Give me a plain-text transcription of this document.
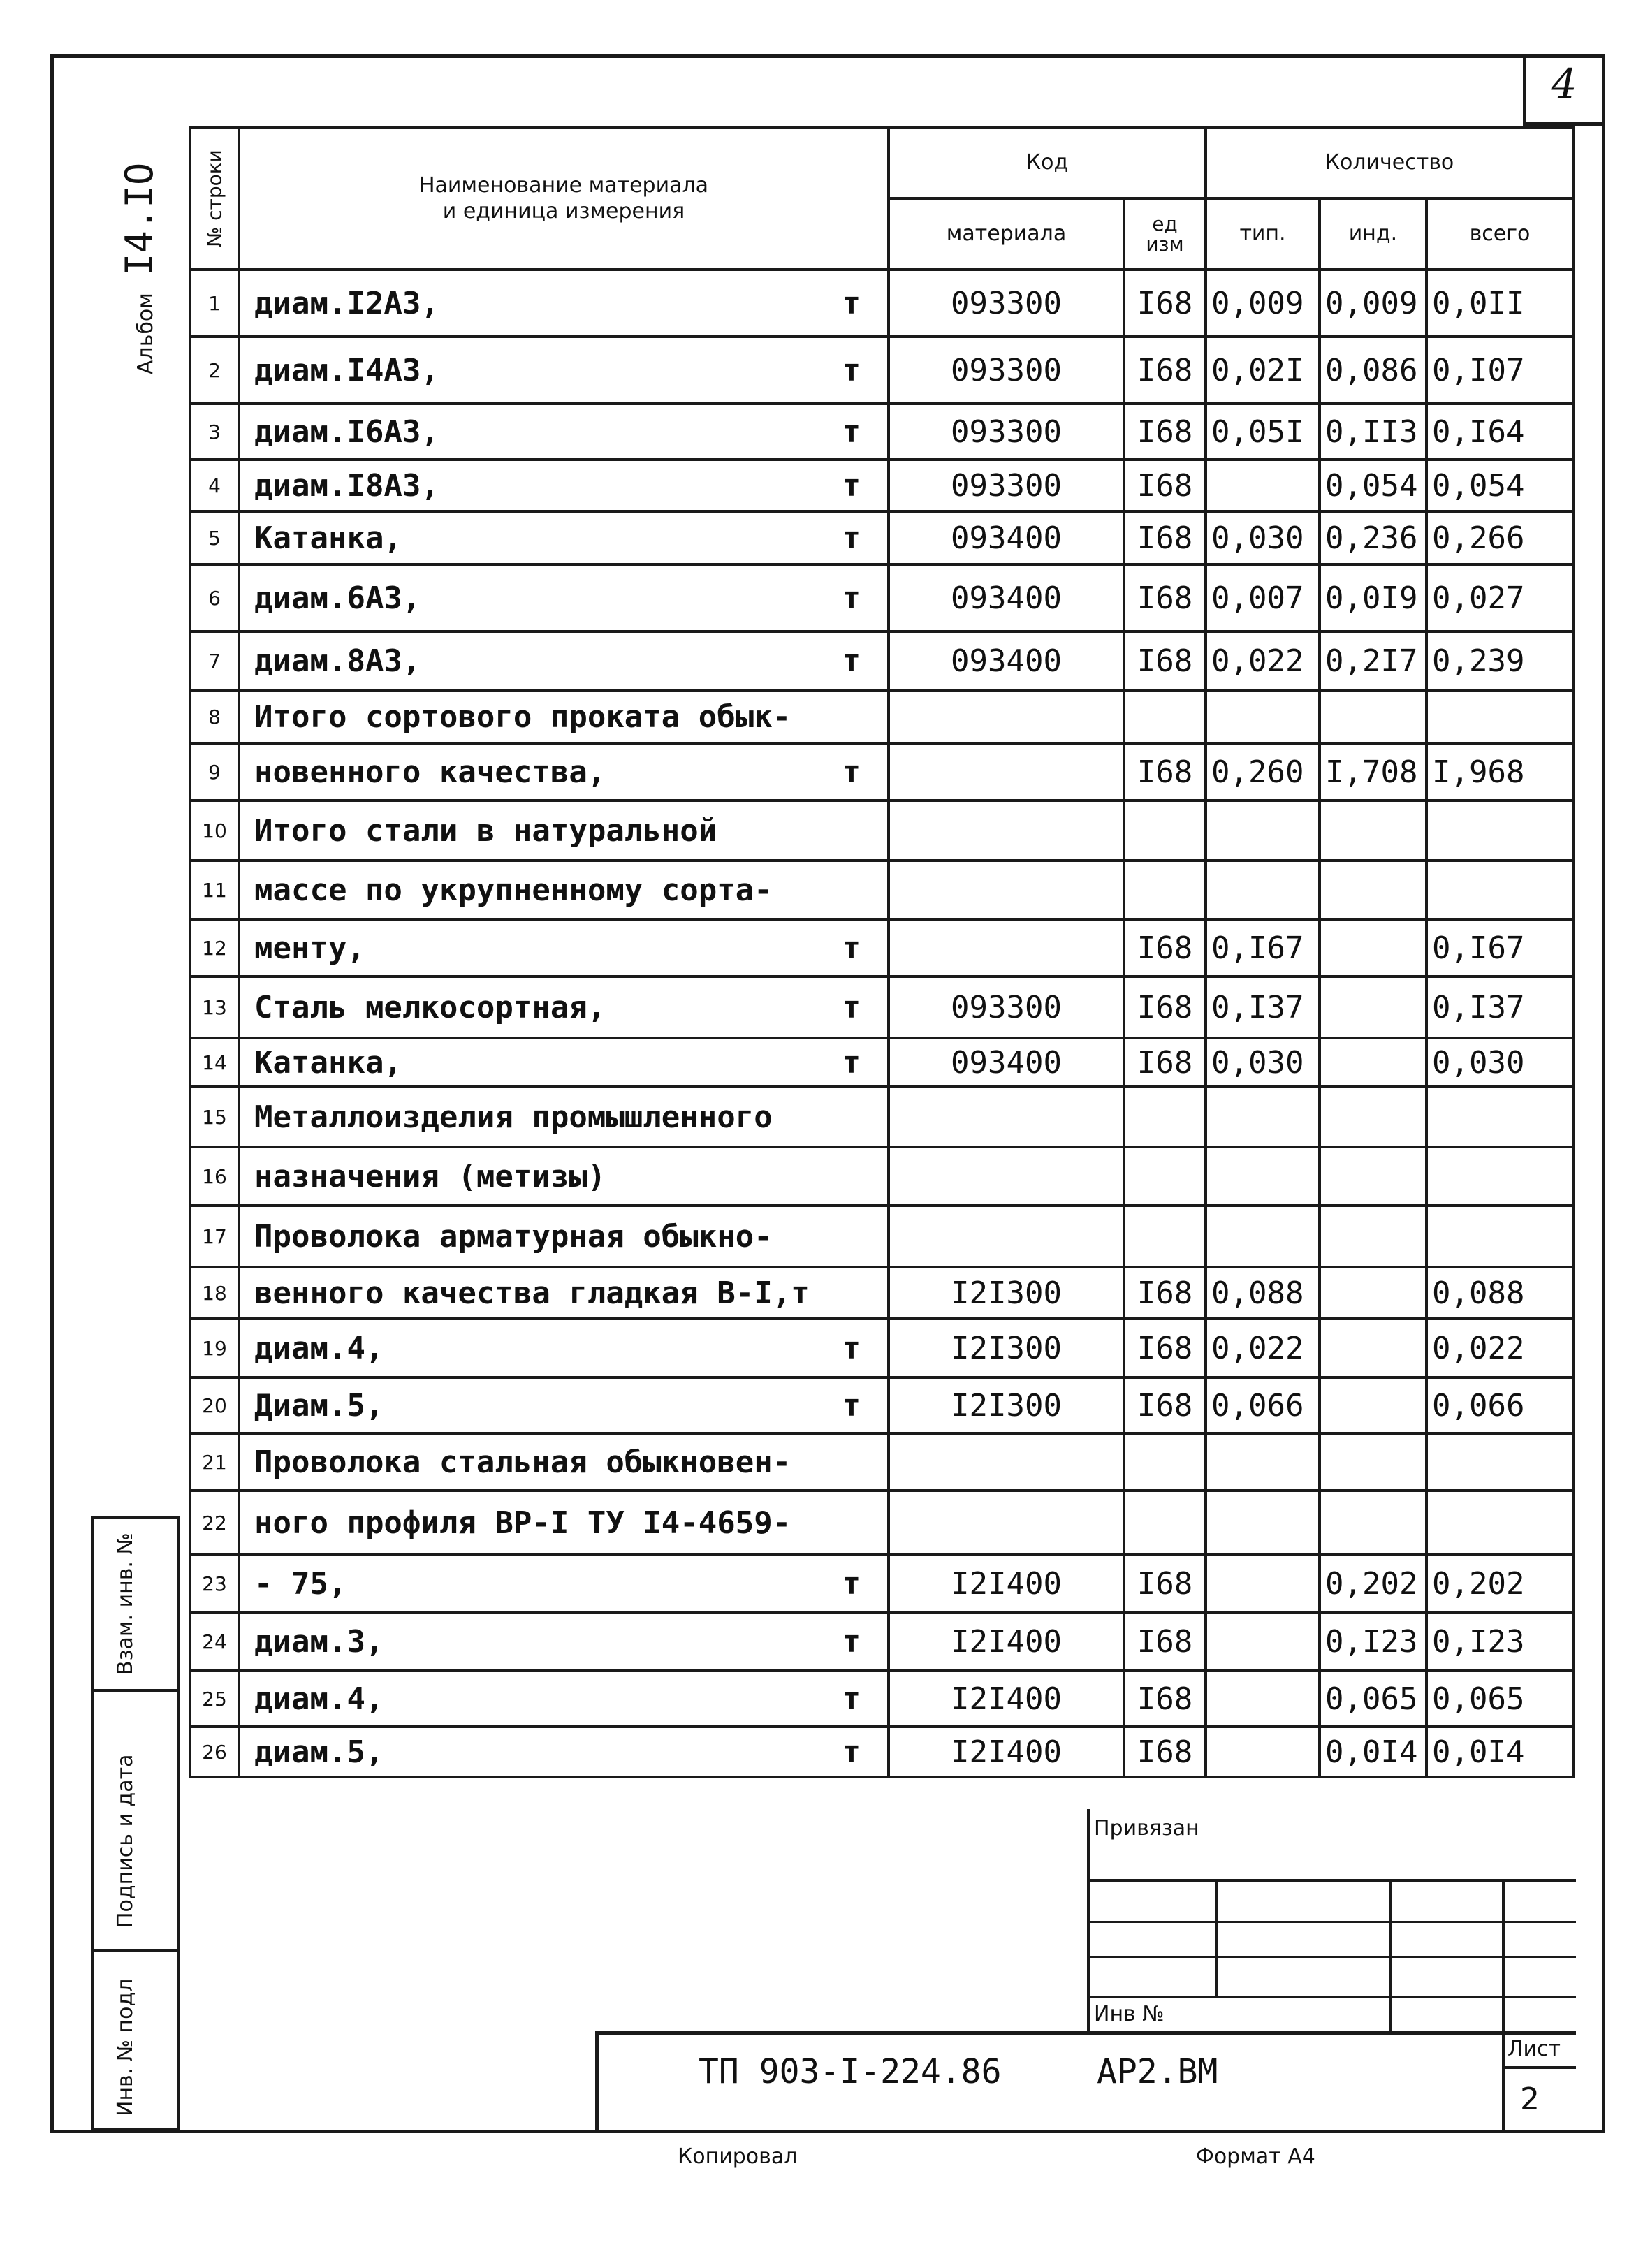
4
АльбомI4.IO № строки	Наименование материала
и единица измерения	Код		Количество		
		материала	ед
изм	тип.	инд.	всего
1	диам.I2А3, т	093300	I68	0,009	0,009	0,0II
2	диам.I4А3, т	093300	I68	0,02I	0,086	0,I07
3	диам.I6А3, т	093300	I68	0,05I	0,II3	0,I64
4	диам.I8А3, т	093300	I68		0,054	0,054
5	Катанка, т	093400	I68	0,030	0,236	0,266
6	диам.6А3, т	093400	I68	0,007	0,0I9	0,027
7	диам.8А3, т	093400	I68	0,022	0,2I7	0,239
8	Итого сортового проката обык-					

9	новенного качества, т		I68	0,260	I,708	I,968
10	Итого стали в натуральной					

11	массе по укрупненному сорта-					

12	менту, т		I68	0,I67		0,I67
13	Сталь мелкосортная, т	093300	I68	0,I37		0,I37
14	Катанка, т	093400	I68	0,030		0,030
15	Металлоизделия промышленного					

16	назначения (метизы)					

17	Проволока арматурная обыкно-					

18	венного качества гладкая В-I,т	I2I300	I68	0,088		0,088
19	диам.4, т	I2I300	I68	0,022		0,022
20	Диам.5, т	I2I300	I68	0,066		0,066
21	Проволока стальная обыкновен-					

22	ного профиля ВР-I ТУ I4-4659-					

23	- 75, т	I2I400	I68		0,202	0,202
24	диам.3, т	I2I400	I68		0,I23	0,I23
25	диам.4, т	I2I400	I68		0,065	0,065
26	диам.5, т	I2I400	I68		0,0I4	0,0I4
Взам. инв. №
Подпись и дата
Инв. № подл
Привязан
Инв №
ТП 903-I-224.86	АР2.ВМ
Лист
2
Копировал	Формат А4
